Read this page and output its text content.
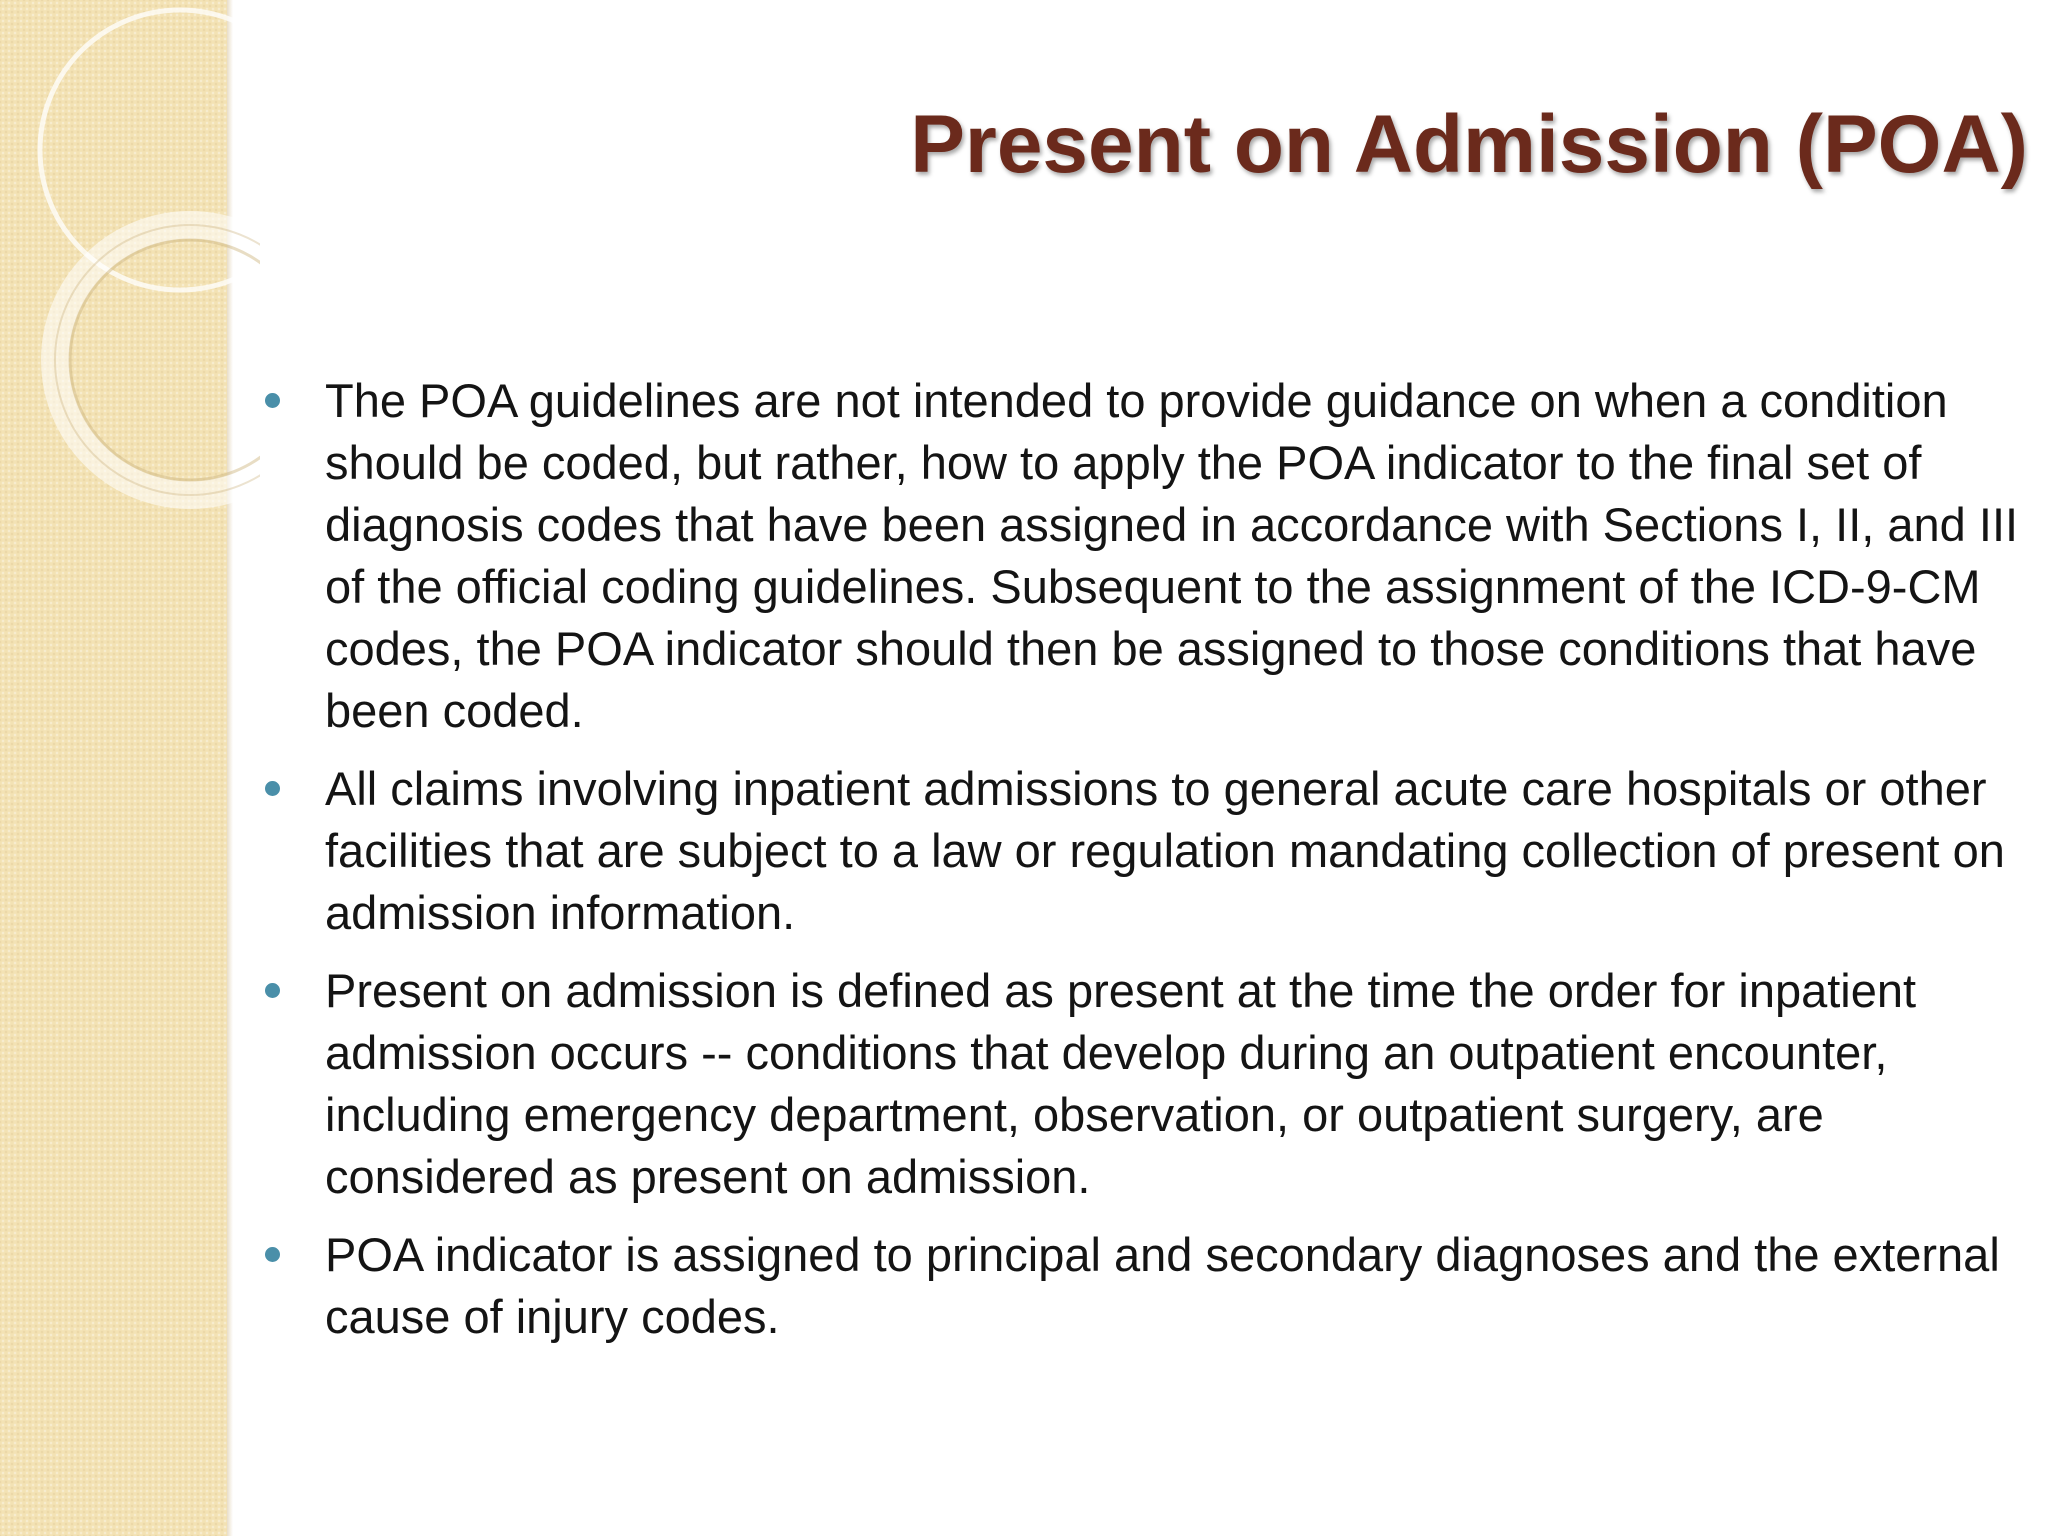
Present on Admission (POA)
The POA guidelines are not intended to provide guidance on when a condition should be coded, but rather, how to apply the POA indicator to the final set of diagnosis codes that have been assigned in accordance with Sections I, II, and III of the official coding guidelines. Subsequent to the assignment of the ICD-9-CM codes, the POA indicator should then be assigned to those conditions that have been coded.
All claims involving inpatient admissions to general acute care hospitals or other facilities that are subject to a law or regulation mandating collection of present on admission information.
Present on admission is defined as present at the time the order for inpatient admission occurs -- conditions that develop during an outpatient encounter, including emergency department, observation, or outpatient surgery, are considered as present on admission.
POA indicator is assigned to principal and secondary diagnoses and the external cause of injury codes.
